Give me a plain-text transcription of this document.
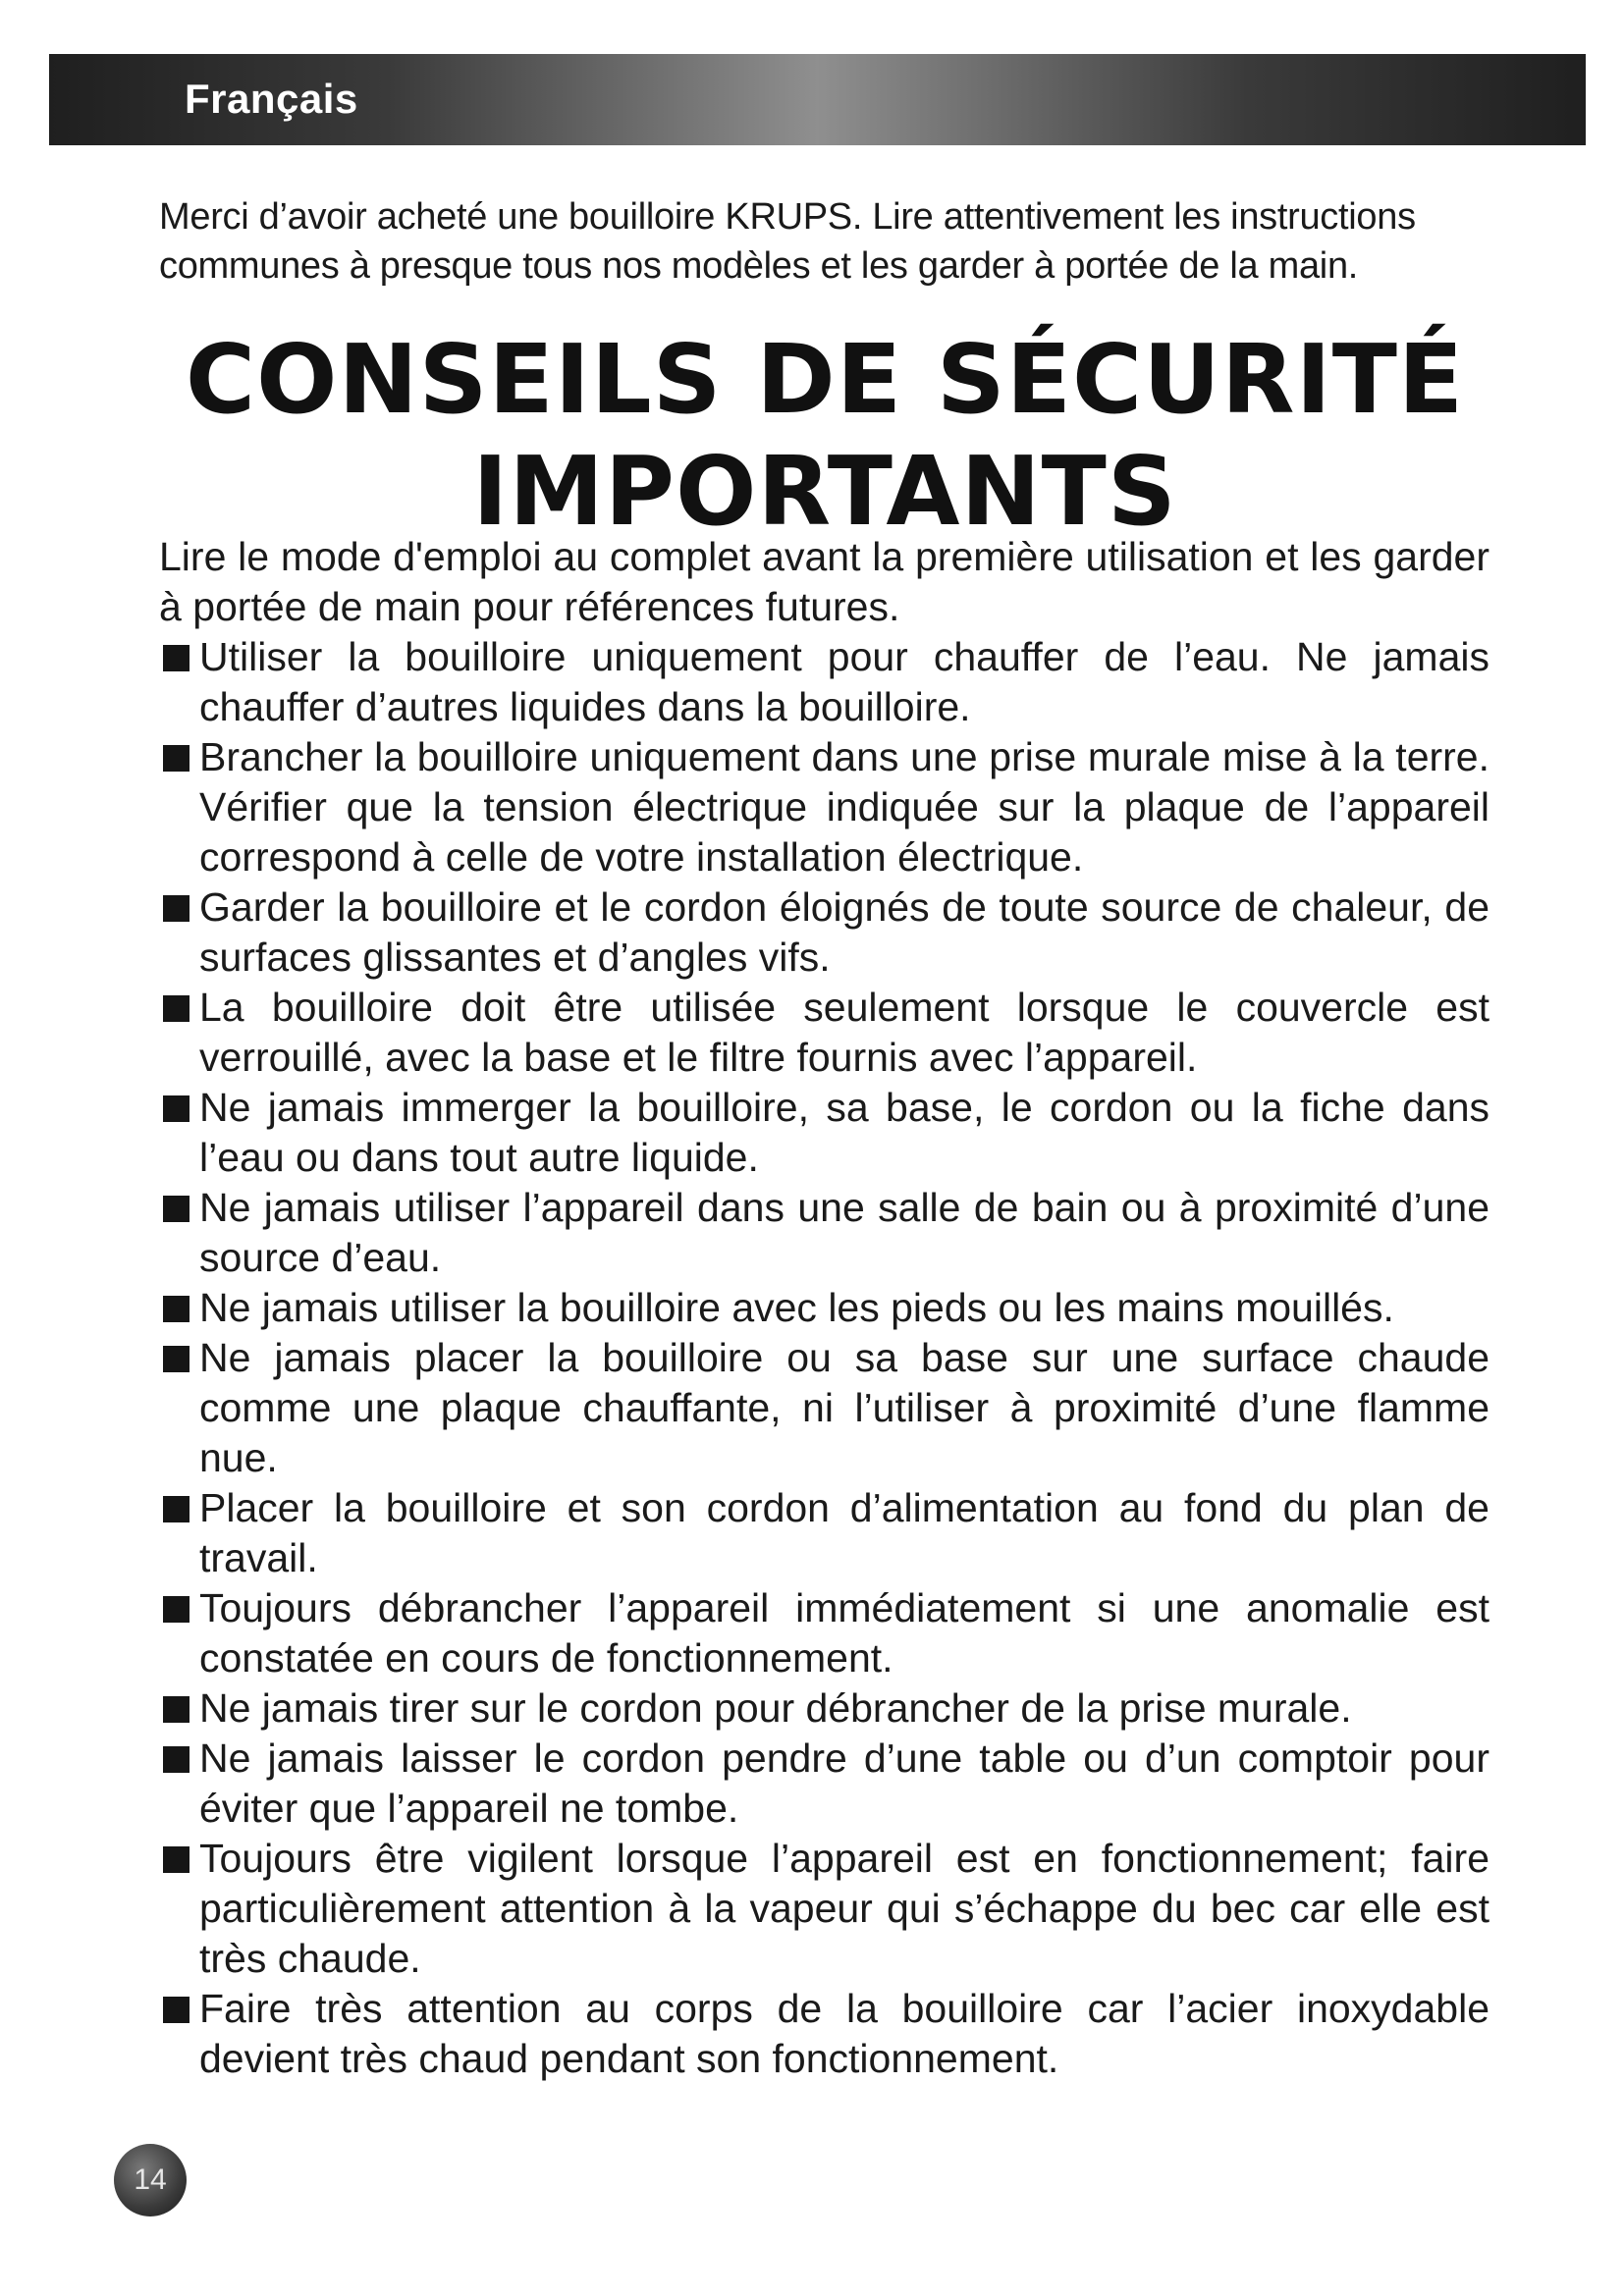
Français
Merci d’avoir acheté une bouilloire KRUPS. Lire attentivement les instructions communes à presque tous nos modèles et les garder à portée de la main.
CONSEILS DE SÉCURITÉ
IMPORTANTS

Lire le mode d'emploi au complet avant la première utilisation et les garder à portée de main pour références futures.

Utiliser la bouilloire uniquement pour chauffer de l’eau. Ne jamais chauffer d’autres liquides dans la bouilloire.
Brancher la bouilloire uniquement dans une prise murale mise à la terre. Vérifier que la tension électrique indiquée sur la plaque de l’appareil correspond à celle de votre installation électrique.
Garder la bouilloire et le cordon éloignés de toute source de chaleur, de surfaces glissantes et d’angles vifs.
La bouilloire doit être utilisée seulement lorsque le couvercle est verrouillé, avec la base et le filtre fournis avec l’appareil.
Ne jamais immerger la bouilloire, sa base, le cordon ou la fiche dans l’eau ou dans tout autre liquide.
Ne jamais utiliser l’appareil dans une salle de bain ou à proximité d’une source d’eau.
Ne jamais utiliser la bouilloire avec les pieds ou les mains mouillés.
Ne jamais placer la bouilloire ou sa base sur une surface chaude comme une plaque chauffante, ni l’utiliser à proximité d’une flamme nue.
Placer la bouilloire et son cordon d’alimentation au fond du plan de travail.
Toujours débrancher l’appareil immédiatement si une anomalie est constatée en cours de fonctionnement.
Ne jamais tirer sur le cordon pour débrancher de la prise murale.
Ne jamais laisser le cordon pendre d’une table ou d’un comptoir pour éviter que l’appareil ne tombe.
Toujours être vigilent lorsque l’appareil est en fonctionnement; faire particulièrement attention à la vapeur qui s’échappe du bec car elle est très chaude.
Faire très attention au corps de la bouilloire car l’acier inoxydable devient très chaud pendant son fonctionnement.
14
